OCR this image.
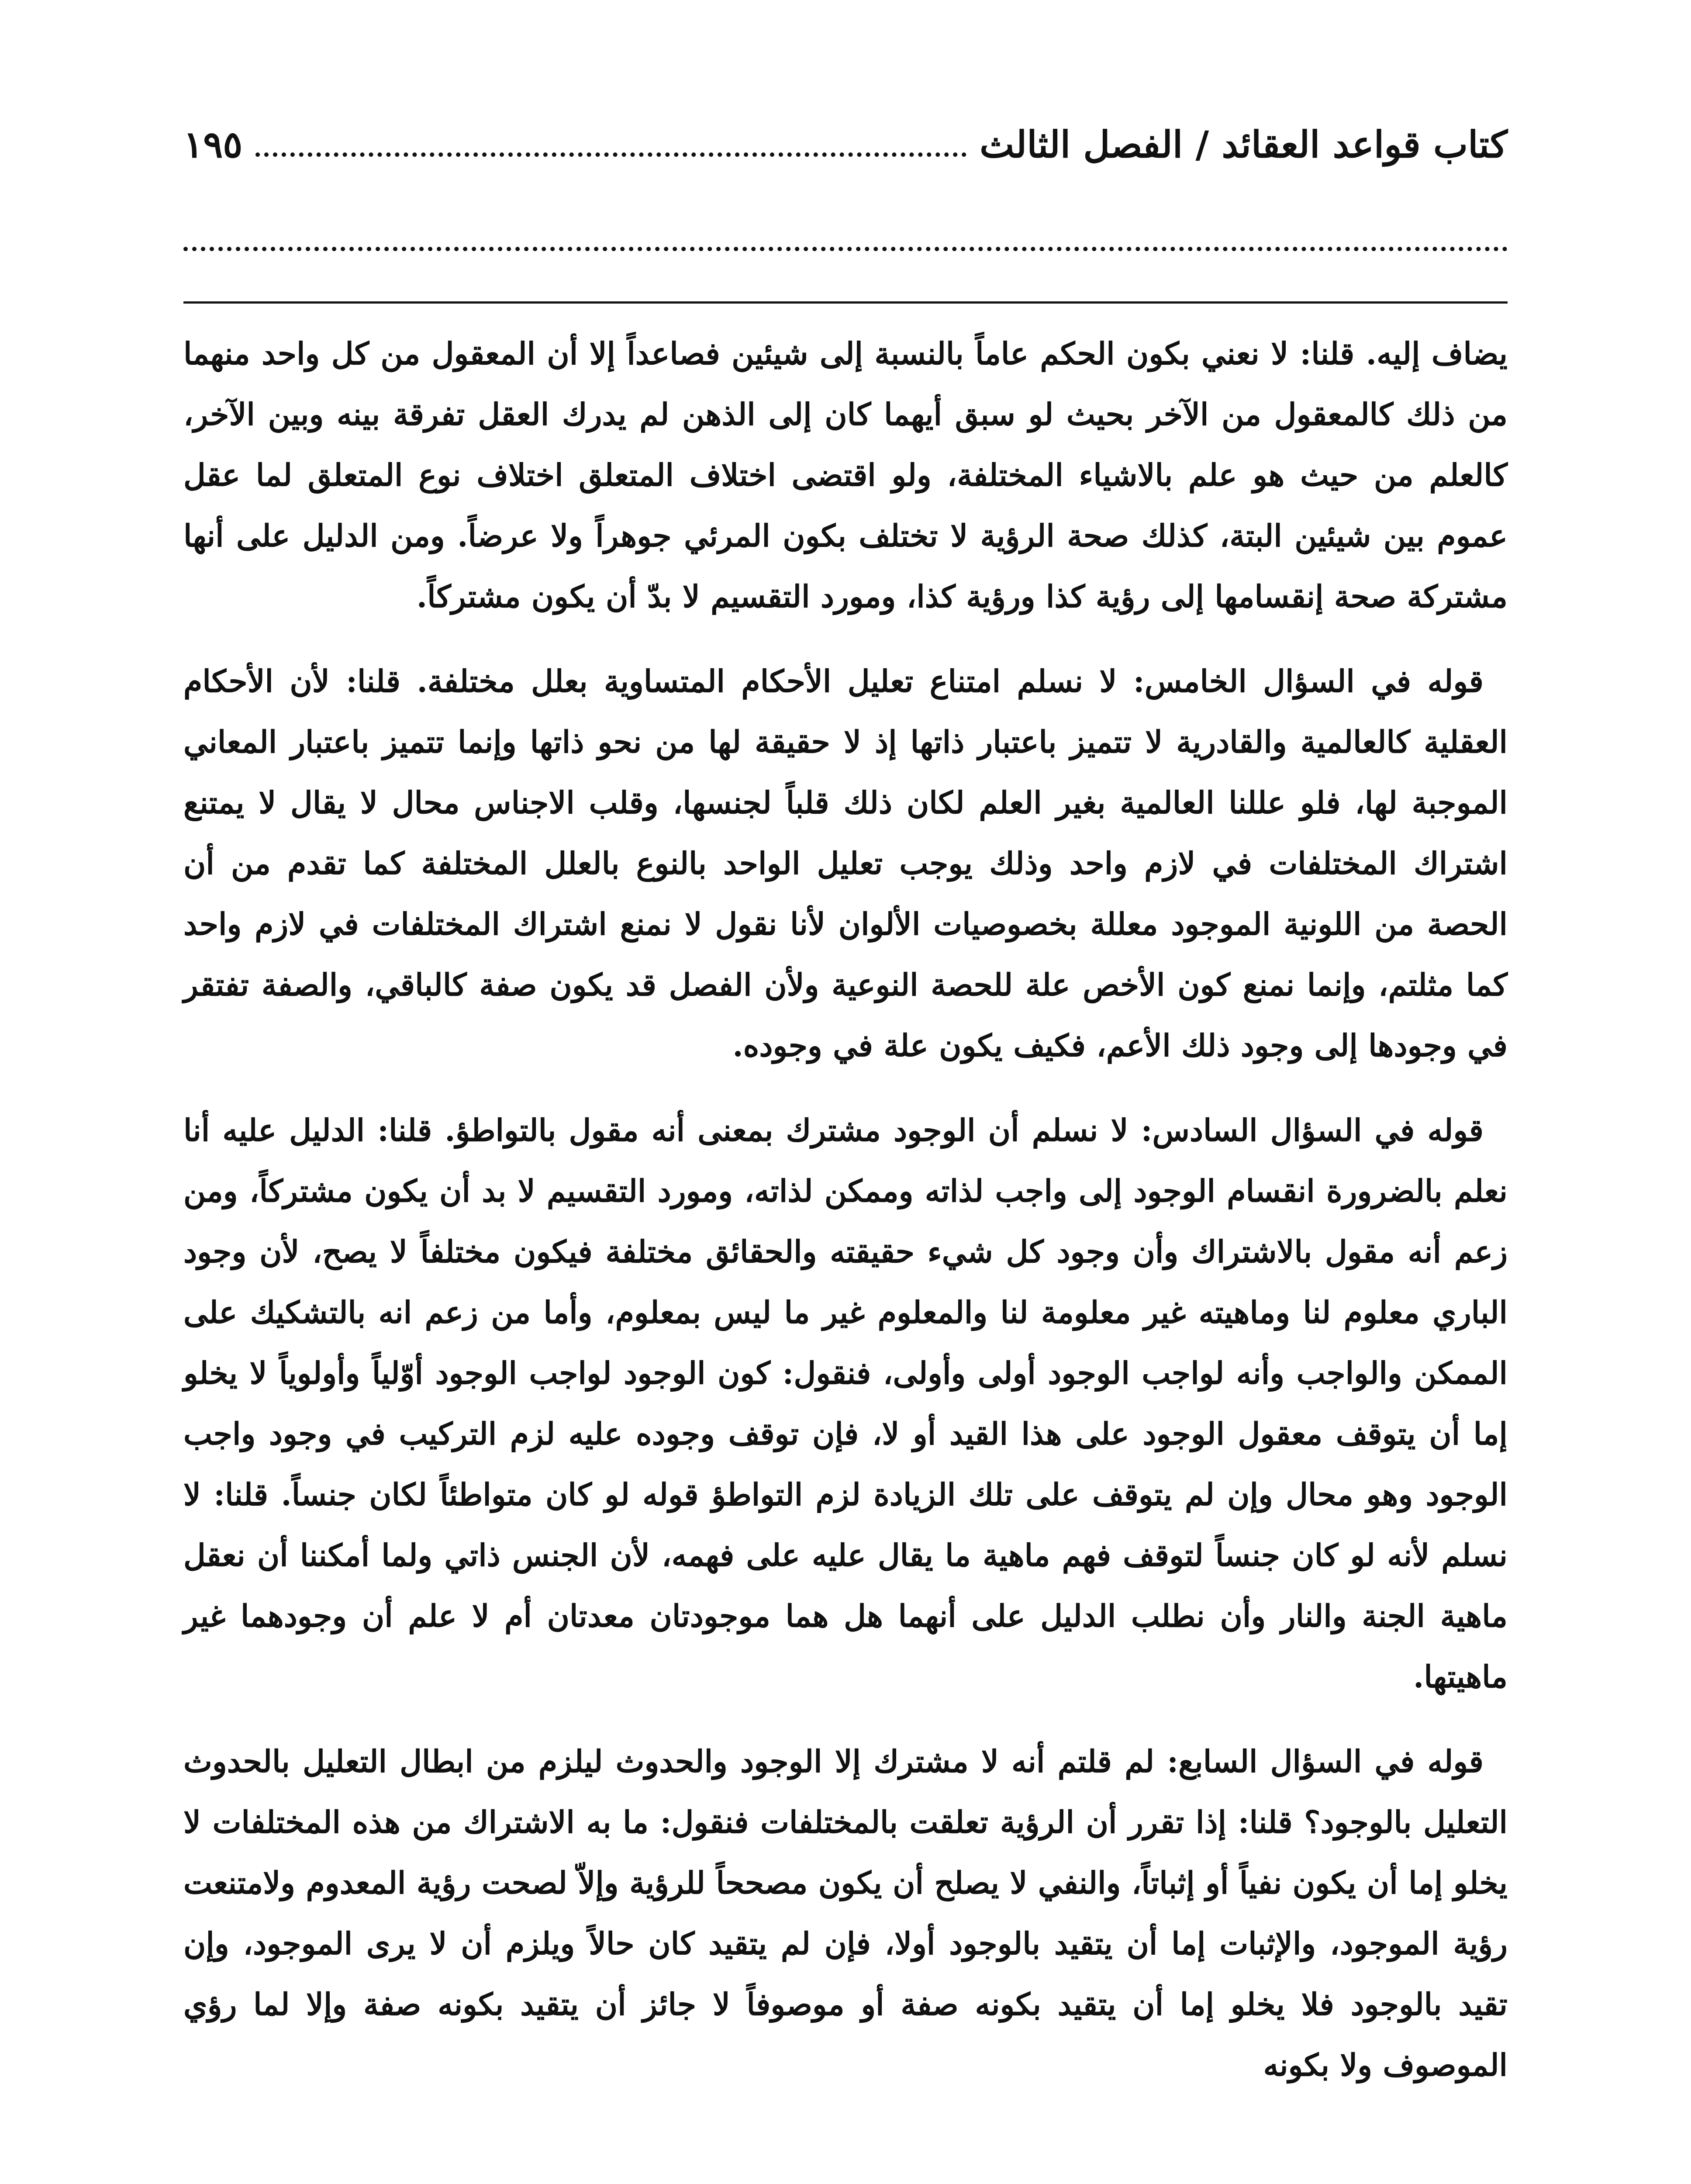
كتاب قواعد العقائد / الفصل الثالث
١٩٥

يضاف إليه. قلنا: لا نعني بكون الحكم عاماً بالنسبة إلى شيئين فصاعداً إلا أن المعقول من كل واحد منهما من ذلك كالمعقول من الآخر بحيث لو سبق أيهما كان إلى الذهن لم يدرك العقل تفرقة بينه وبين الآخر، كالعلم من حيث هو علم بالاشياء المختلفة، ولو اقتضى اختلاف المتعلق اختلاف نوع المتعلق لما عقل عموم بين شيئين البتة، كذلك صحة الرؤية لا تختلف بكون المرئي جوهراً ولا عرضاً. ومن الدليل على أنها مشتركة صحة إنقسامها إلى رؤية كذا ورؤية كذا، ومورد التقسيم لا بدّ أن يكون مشتركاً.

قوله في السؤال الخامس: لا نسلم امتناع تعليل الأحكام المتساوية بعلل مختلفة. قلنا: لأن الأحكام العقلية كالعالمية والقادرية لا تتميز باعتبار ذاتها إذ لا حقيقة لها من نحو ذاتها وإنما تتميز باعتبار المعاني الموجبة لها، فلو عللنا العالمية بغير العلم لكان ذلك قلباً لجنسها، وقلب الاجناس محال لا يقال لا يمتنع اشتراك المختلفات في لازم واحد وذلك يوجب تعليل الواحد بالنوع بالعلل المختلفة كما تقدم من أن الحصة من اللونية الموجود معللة بخصوصيات الألوان لأنا نقول لا نمنع اشتراك المختلفات في لازم واحد كما مثلتم، وإنما نمنع كون الأخص علة للحصة النوعية ولأن الفصل قد يكون صفة كالباقي، والصفة تفتقر في وجودها إلى وجود ذلك الأعم، فكيف يكون علة في وجوده.

قوله في السؤال السادس: لا نسلم أن الوجود مشترك بمعنى أنه مقول بالتواطؤ. قلنا: الدليل عليه أنا نعلم بالضرورة انقسام الوجود إلى واجب لذاته وممكن لذاته، ومورد التقسيم لا بد أن يكون مشتركاً، ومن زعم أنه مقول بالاشتراك وأن وجود كل شيء حقيقته والحقائق مختلفة فيكون مختلفاً لا يصح، لأن وجود الباري معلوم لنا وماهيته غير معلومة لنا والمعلوم غير ما ليس بمعلوم، وأما من زعم انه بالتشكيك على الممكن والواجب وأنه لواجب الوجود أولى وأولى، فنقول: كون الوجود لواجب الوجود أوّلياً وأولوياً لا يخلو إما أن يتوقف معقول الوجود على هذا القيد أو لا، فإن توقف وجوده عليه لزم التركيب في وجود واجب الوجود وهو محال وإن لم يتوقف على تلك الزيادة لزم التواطؤ قوله لو كان متواطئاً لكان جنساً. قلنا: لا نسلم لأنه لو كان جنساً لتوقف فهم ماهية ما يقال عليه على فهمه، لأن الجنس ذاتي ولما أمكننا أن نعقل ماهية الجنة والنار وأن نطلب الدليل على أنهما هل هما موجودتان معدتان أم لا علم أن وجودهما غير ماهيتها.

قوله في السؤال السابع: لم قلتم أنه لا مشترك إلا الوجود والحدوث ليلزم من ابطال التعليل بالحدوث التعليل بالوجود؟ قلنا: إذا تقرر أن الرؤية تعلقت بالمختلفات فنقول: ما به الاشتراك من هذه المختلفات لا يخلو إما أن يكون نفياً أو إثباتاً، والنفي لا يصلح أن يكون مصححاً للرؤية وإلاّ لصحت رؤية المعدوم ولامتنعت رؤية الموجود، والإثبات إما أن يتقيد بالوجود أولا، فإن لم يتقيد كان حالاً ويلزم أن لا يرى الموجود، وإن تقيد بالوجود فلا يخلو إما أن يتقيد بكونه صفة أو موصوفاً لا جائز أن يتقيد بكونه صفة وإلا لما رؤي الموصوف ولا بكونه
